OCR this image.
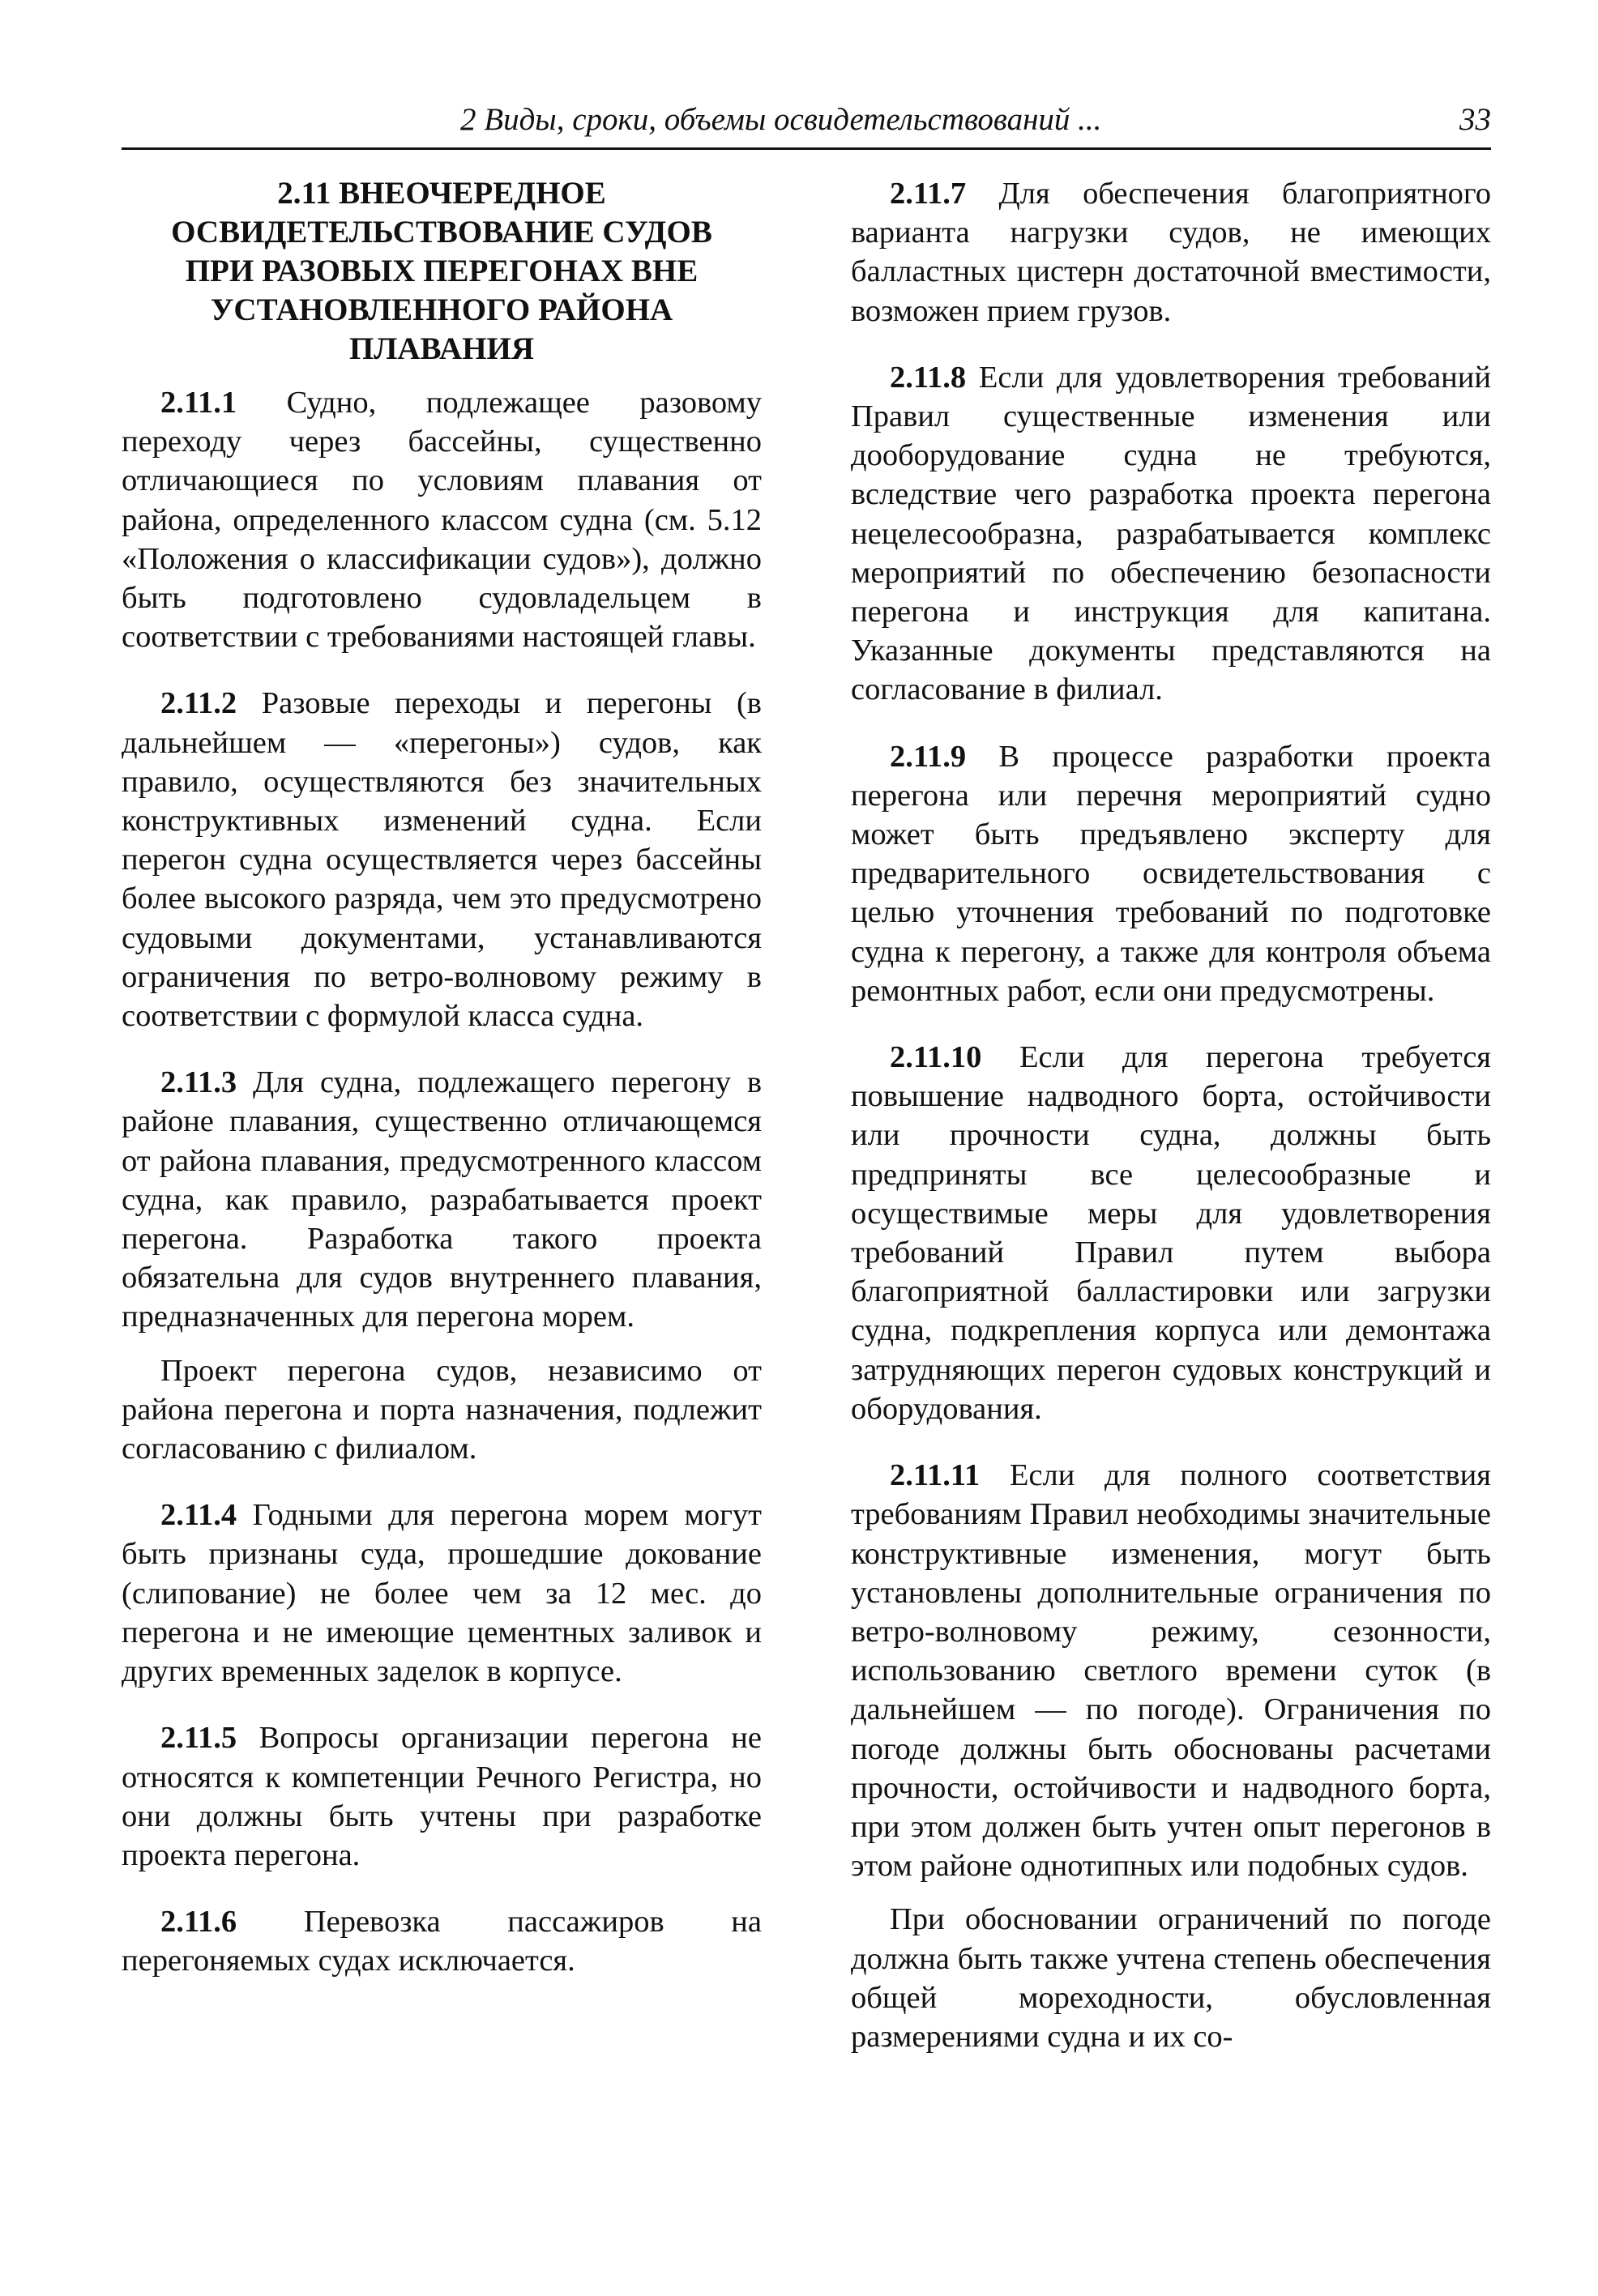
2 Виды, сроки, объемы освидетельствований ...	33
2.11 ВНЕОЧЕРЕДНОЕ
ОСВИДЕТЕЛЬСТВОВАНИЕ СУДОВ
ПРИ РАЗОВЫХ ПЕРЕГОНАХ ВНЕ
УСТАНОВЛЕННОГО РАЙОНА
ПЛАВАНИЯ

2.11.1 Судно, подлежащее разовому переходу через бассейны, существенно отличающиеся по условиям плавания от района, определенного классом судна (см. 5.12 «Положения о классификации судов»), должно быть подготовлено судовладельцем в соответствии с требованиями настоящей главы.

2.11.2 Разовые переходы и перегоны (в дальнейшем — «перегоны») судов, как правило, осуществляются без значительных конструктивных изменений судна. Если перегон судна осуществляется через бассейны более высокого разряда, чем это предусмотрено судовыми документами, устанавливаются ограничения по ветро-волновому режиму в соответствии с формулой класса судна.

2.11.3 Для судна, подлежащего перегону в районе плавания, существенно отличающемся от района плавания, предусмотренного классом судна, как правило, разрабатывается проект перегона. Разработка такого проекта обязательна для судов внутреннего плавания, предназначенных для перегона морем.

Проект перегона судов, независимо от района перегона и порта назначения, подлежит согласованию с филиалом.

2.11.4 Годными для перегона морем могут быть признаны суда, прошедшие докование (слипование) не более чем за 12 мес. до перегона и не имеющие цементных заливок и других временных заделок в корпусе.

2.11.5 Вопросы организации перегона не относятся к компетенции Речного Регистра, но они должны быть учтены при разработке проекта перегона.

2.11.6 Перевозка пассажиров на перегоняемых судах исключается.

2.11.7 Для обеспечения благоприятного варианта нагрузки судов, не имеющих балластных цистерн достаточной вместимости, возможен прием грузов.

2.11.8 Если для удовлетворения требований Правил существенные изменения или дооборудование судна не требуются, вследствие чего разработка проекта перегона нецелесообразна, разрабатывается комплекс мероприятий по обеспечению безопасности перегона и инструкция для капитана. Указанные документы представляются на согласование в филиал.

2.11.9 В процессе разработки проекта перегона или перечня мероприятий судно может быть предъявлено эксперту для предварительного освидетельствования с целью уточнения требований по подготовке судна к перегону, а также для контроля объема ремонтных работ, если они предусмотрены.

2.11.10 Если для перегона требуется повышение надводного борта, остойчивости или прочности судна, должны быть предприняты все целесообразные и осуществимые меры для удовлетворения требований Правил путем выбора благоприятной балластировки или загрузки судна, подкрепления корпуса или демонтажа затрудняющих перегон судовых конструкций и оборудования.

2.11.11 Если для полного соответствия требованиям Правил необходимы значительные конструктивные изменения, могут быть установлены дополнительные ограничения по ветро-волновому режиму, сезонности, использованию светлого времени суток (в дальнейшем — по погоде). Ограничения по погоде должны быть обоснованы расчетами прочности, остойчивости и надводного борта, при этом должен быть учтен опыт перегонов в этом районе однотипных или подобных судов.

При обосновании ограничений по погоде должна быть также учтена степень обеспечения общей мореходности, обусловленная размерениями судна и их со-
